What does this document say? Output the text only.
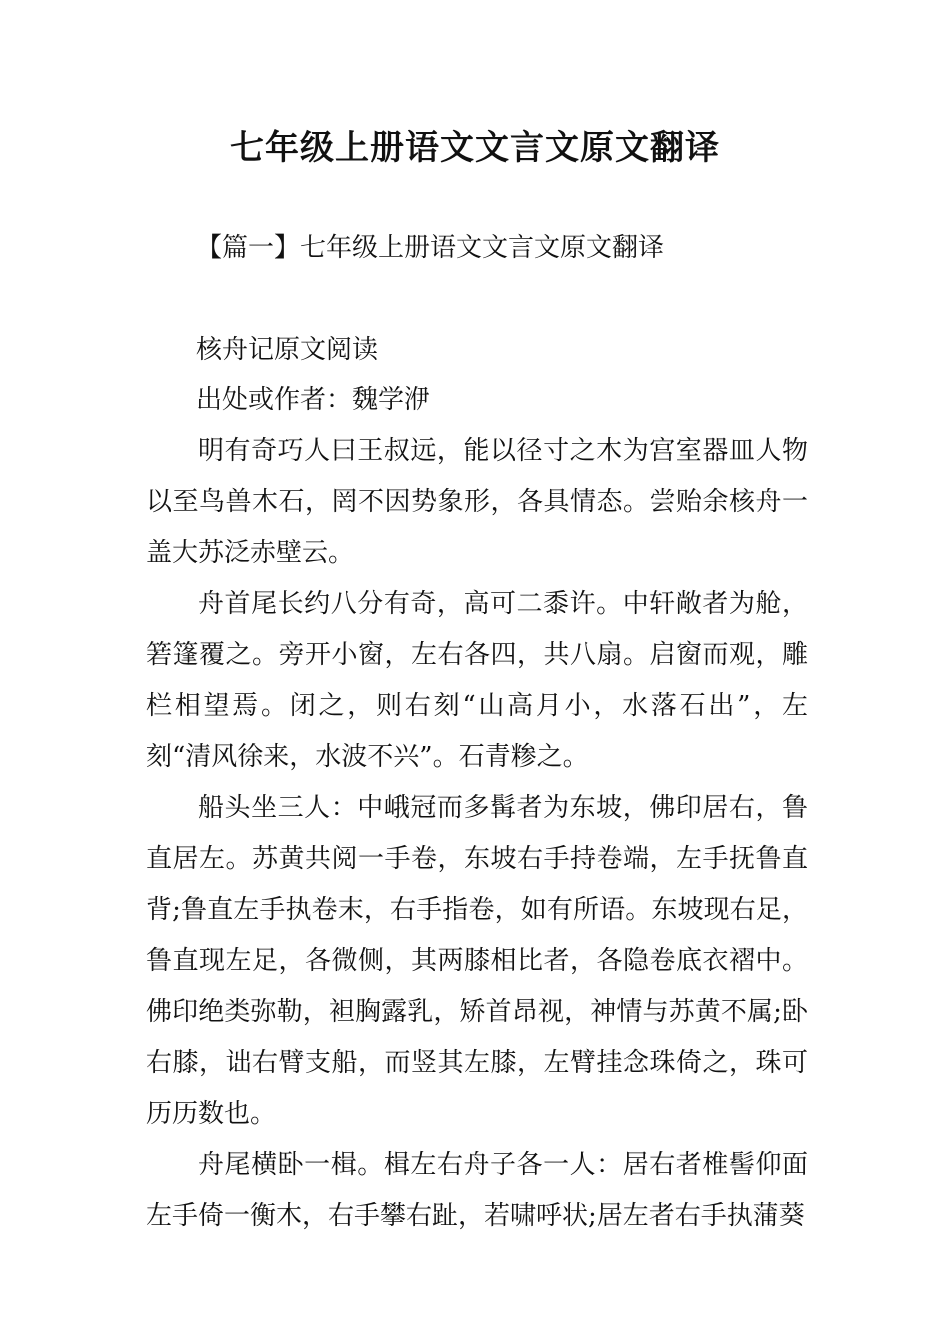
七年级上册语文文言文原文翻译
【篇一】七年级上册语文文言文原文翻译
核舟记原文阅读
出处或作者：魏学洢

明有奇巧人曰王叔远，能以径寸之木为宫室器皿人物以至鸟兽木石，罔不因势象形，各具情态。尝贻余核舟一盖大苏泛赤壁云。

舟首尾长约八分有奇，高可二黍许。中轩敞者为舱，箬篷覆之。旁开小窗，左右各四，共八扇。启窗而观，雕栏相望焉。闭之，则右刻“山高月小，水落石出”，左刻“清风徐来，水波不兴”。石青糁之。

船头坐三人：中峨冠而多髯者为东坡，佛印居右，鲁直居左。苏黄共阅一手卷，东坡右手持卷端，左手抚鲁直背;鲁直左手执卷末，右手指卷，如有所语。东坡现右足，鲁直现左足，各微侧，其两膝相比者，各隐卷底衣褶中。佛印绝类弥勒，袒胸露乳，矫首昂视，神情与苏黄不属;卧右膝，诎右臂支船，而竖其左膝，左臂挂念珠倚之，珠可历历数也。

舟尾横卧一楫。楫左右舟子各一人：居右者椎髻仰面左手倚一衡木，右手攀右趾，若啸呼状;居左者右手执蒲葵
